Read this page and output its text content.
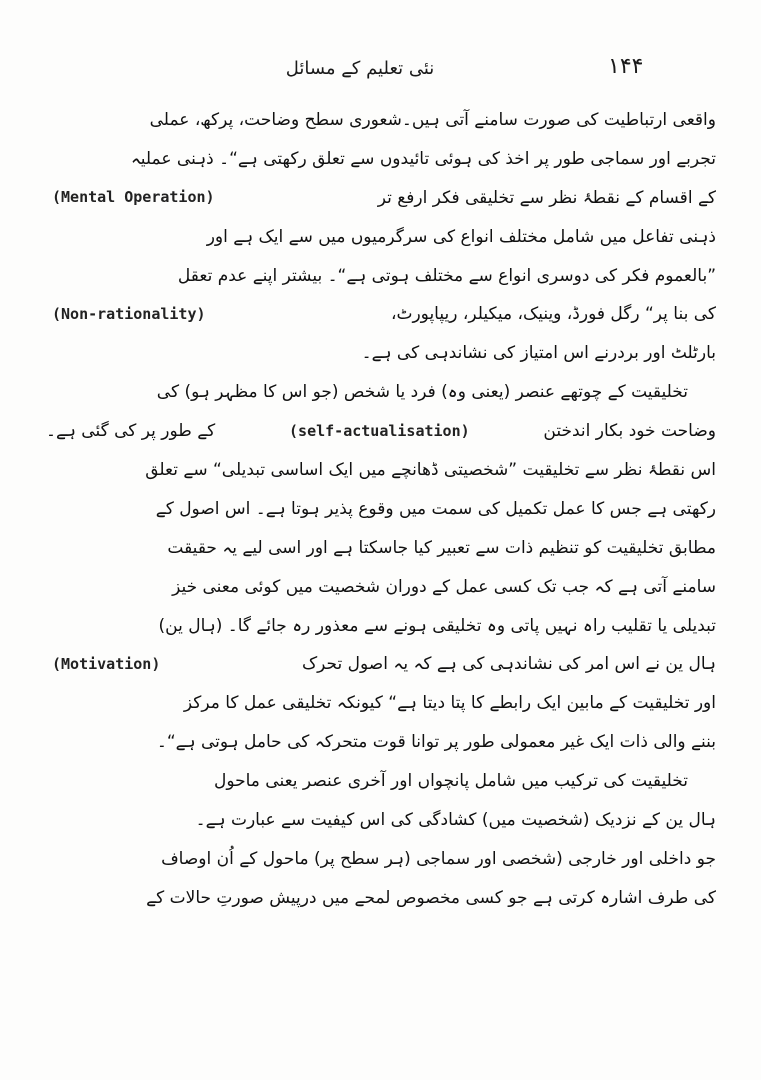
نئی تعلیم کے مسائل	۱۴۴
واقعی ارتباطیت کی صورت سامنے آتی ہیں۔شعوری سطح وضاحت، پرکھ، عملی
تجربے اور سماجی طور پر اخذ کی ہوئی تائیدوں سے تعلق رکھتی ہے“۔ ذہنی عملیہ
کے اقسام کے نقطۂ نظر سے تخلیقی فکر ارفع تر
(Mental Operation)
ذہنی تفاعل میں شامل مختلف انواع کی سرگرمیوں میں سے ایک ہے اور
”بالعموم فکر کی دوسری انواع سے مختلف ہوتی ہے“۔ بیشتر اپنے عدم تعقل
کی بنا پر“ رگل فورڈ، وینیک، میکیلر، ریپاپورٹ،
(Non-rationality)
بارٹلٹ اور بردرنے اس امتیاز کی نشاندہی کی ہے۔
تخلیقیت کے چوتھے عنصر (یعنی وہ) فرد یا شخص (جو اس کا مظہر ہو) کی
وضاحت خود بکار اندختن
(self-actualisation)
کے طور پر کی گئی ہے۔
اس نقطۂ نظر سے تخلیقیت ”شخصیتی ڈھانچے میں ایک اساسی تبدیلی“ سے تعلق
رکھتی ہے جس کا عمل تکمیل کی سمت میں وقوع پذیر ہوتا ہے۔ اس اصول کے
مطابق تخلیقیت کو تنظیم ذات سے تعبیر کیا جاسکتا ہے اور اسی لیے یہ حقیقت
سامنے آتی ہے کہ جب تک کسی عمل کے دوران شخصیت میں کوئی معنی خیز
تبدیلی یا تقلیب راہ نہیں پاتی وہ تخلیقی ہونے سے معذور رہ جائے گا۔ (ہال ین)
ہال ین نے اس امر کی نشاندہی کی ہے کہ یہ اصول تحرک
(Motivation)
اور تخلیقیت کے مابین ایک رابطے کا پتا دیتا ہے“ کیونکہ تخلیقی عمل کا مرکز
بننے والی ذات ایک غیر معمولی طور پر توانا قوت متحرکہ کی حامل ہوتی ہے“۔
تخلیقیت کی ترکیب میں شامل پانچواں اور آخری عنصر یعنی ماحول
ہال ین کے نزدیک (شخصیت میں) کشادگی کی اس کیفیت سے عبارت ہے۔
جو داخلی اور خارجی (شخصی اور سماجی (ہر سطح پر) ماحول کے اُن اوصاف
کی طرف اشارہ کرتی ہے جو کسی مخصوص لمحے میں درپیش صورتِ حالات کے
